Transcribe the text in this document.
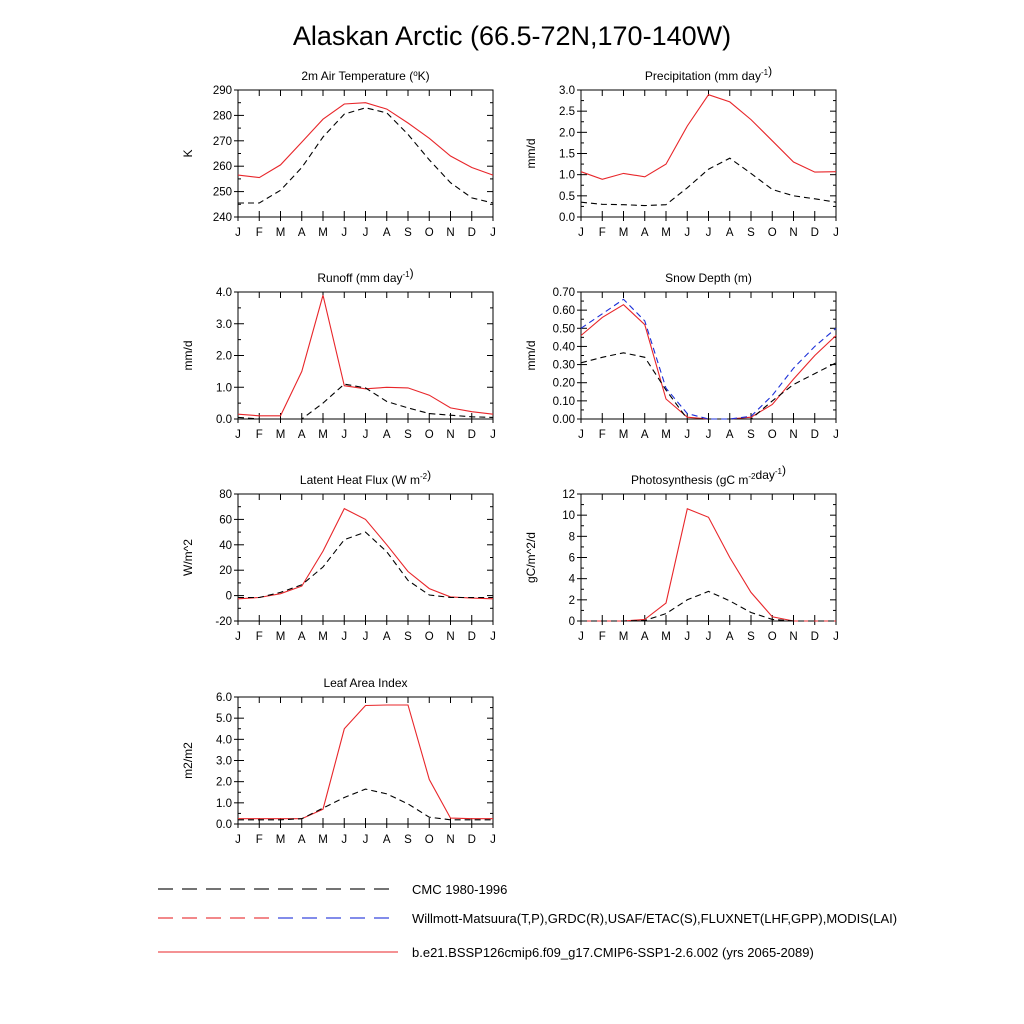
Alaskan Arctic (66.5-72N,170-140W)
2m Air Temperature ($^o$K)
240
250
260
270
280
290
J F M A M J J A S O N D J
K
Precipitation (mm day$^{-1}$)
0.0
0.5
1.0
1.5
2.0
2.5
3.0
J F M A M J J A S O N D J
mm/d
Runoff (mm day$^{-1}$)
0.0
1.0
2.0
3.0
4.0
J F M A M J J A S O N D J
mm/d
Snow Depth (m)
0.00
0.10
0.20
0.30
0.40
0.50
0.60
0.70
J F M A M J J A S O N D J
mm/d
Latent Heat Flux (W $m^{-2}$)
-20
0
20
40
60
80
J F M A M J J A S O N D J
W/m^2
Photosynthesis (gC $m^{-2}day^{-1}$)
0
2
4
6
8
10
12
J F M A M J J A S O N D J
gC/m^2/d
Leaf Area Index
0.0
1.0
2.0
3.0
4.0
5.0
6.0
J F M A M J J A S O N D J
m2/m2
CMC 1980-1996
Willmott-Matsuura(T,P),GRDC(R),USAF/ETAC(S),FLUXNET(LHF,GPP),MODIS(LAI)
b.e21.BSSP126cmip6.f09_g17.CMIP6-SSP1-2.6.002 (yrs 2065-2089)
